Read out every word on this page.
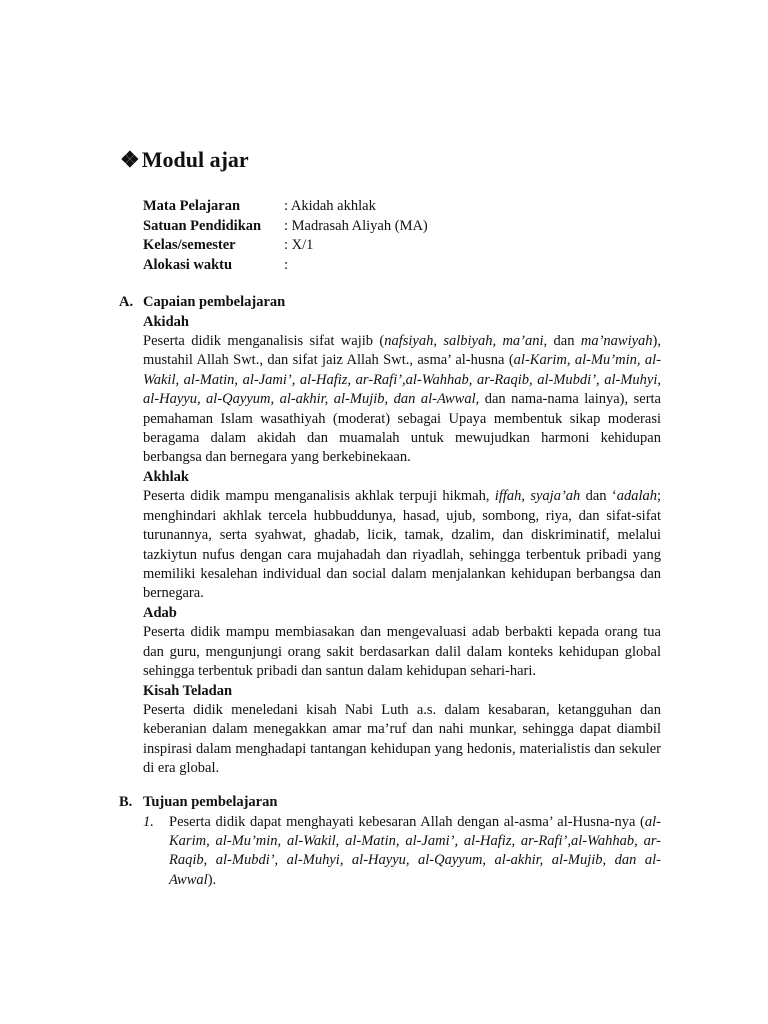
❖Modul ajar
Mata Pelajaran	: Akidah akhlak
Satuan Pendidikan	: Madrasah Aliyah (MA)
Kelas/semester	: X/1
Alokasi waktu	:
A. Capaian pembelajaran
Akidah

Peserta didik menganalisis sifat wajib (nafsiyah, salbiyah, ma’ani, dan ma’nawiyah), mustahil Allah Swt., dan sifat jaiz Allah Swt., asma’ al-husna (al-Karim, al-Mu’min, al-Wakil, al-Matin, al-Jami’, al-Hafiz, ar-Rafi’,al-Wahhab, ar-Raqib, al-Mubdi’, al-Muhyi, al-Hayyu, al-Qayyum, al-akhir, al-Mujib, dan al-Awwal, dan nama-nama lainya), serta pemahaman Islam wasathiyah (moderat) sebagai Upaya membentuk sikap moderasi beragama dalam akidah dan muamalah untuk mewujudkan harmoni kehidupan berbangsa dan bernegara yang berkebinekaan.

Akhlak

Peserta didik mampu menganalisis akhlak terpuji hikmah, iffah, syaja’ah dan ‘adalah; menghindari akhlak tercela hubbuddunya, hasad, ujub, sombong, riya, dan sifat-sifat turunannya, serta syahwat, ghadab, licik, tamak, dzalim, dan diskriminatif, melalui tazkiytun nufus dengan cara mujahadah dan riyadlah, sehingga terbentuk pribadi yang memiliki kesalehan individual dan social dalam menjalankan kehidupan berbangsa dan bernegara.

Adab

Peserta didik mampu membiasakan dan mengevaluasi adab berbakti kepada orang tua dan guru, mengunjungi orang sakit berdasarkan dalil dalam konteks kehidupan global sehingga terbentuk pribadi dan santun dalam kehidupan sehari-hari.

Kisah Teladan

Peserta didik meneledani kisah Nabi Luth a.s. dalam kesabaran, ketangguhan dan keberanian dalam menegakkan amar ma’ruf dan nahi munkar, sehingga dapat diambil inspirasi dalam menghadapi tantangan kehidupan yang hedonis, materialistis dan sekuler di era global.

B. Tujuan pembelajaran
1.	Peserta didik dapat menghayati kebesaran Allah dengan al-asma’ al-Husna-nya (al-Karim, al-Mu’min, al-Wakil, al-Matin, al-Jami’, al-Hafiz, ar-Rafi’,al-Wahhab, ar-Raqib, al-Mubdi’, al-Muhyi, al-Hayyu, al-Qayyum, al-akhir, al-Mujib, dan al-Awwal).
